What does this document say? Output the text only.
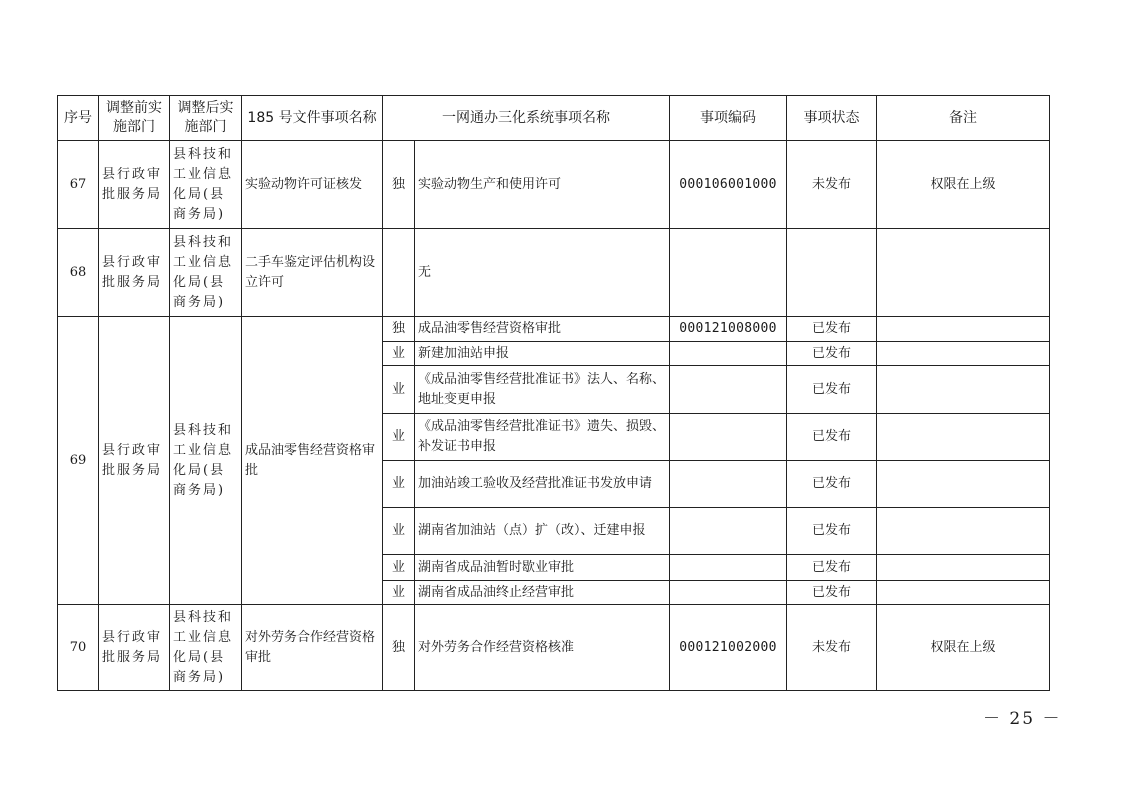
序号	调整前实施部门	调整后实施部门	185 号文件事项名称	一网通办三化系统事项名称		事项编码	事项状态	备注
67	县行政审批服务局	县科技和工业信息化局(县商务局)	实验动物许可证核发	独	实验动物生产和使用许可	000106001000	未发布	权限在上级
68	县行政审批服务局	县科技和工业信息化局(县商务局)	二手车鉴定评估机构设立许可		无			
69	县行政审批服务局	县科技和工业信息化局(县商务局)	成品油零售经营资格审批	独	成品油零售经营资格审批	000121008000	已发布	
				业	新建加油站申报		已发布	
				业	《成品油零售经营批准证书》法人、名称、地址变更申报		已发布	
				业	《成品油零售经营批准证书》遗失、损毁、补发证书申报		已发布	
				业	加油站竣工验收及经营批准证书发放申请		已发布	
				业	湖南省加油站（点）扩（改）、迁建申报		已发布	
				业	湖南省成品油暂时歇业审批		已发布	
				业	湖南省成品油终止经营审批		已发布	
70	县行政审批服务局	县科技和工业信息化局(县商务局)	对外劳务合作经营资格审批	独	对外劳务合作经营资格核准	000121002000	未发布	权限在上级
－ 25 －
